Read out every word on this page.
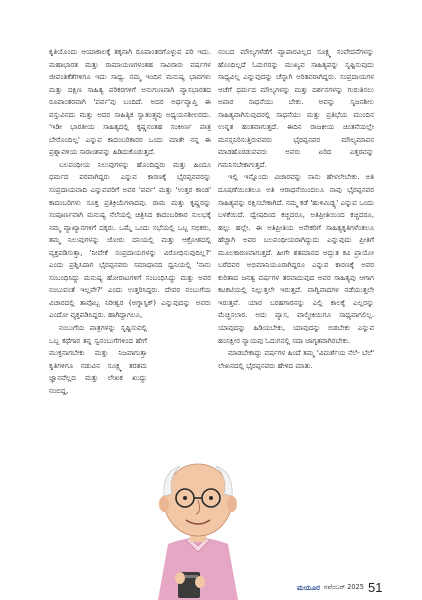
ಕೃತಿಯೊಂದು ಆಯಾಕಾಲಕ್ಕೆ ತಕ್ಕನಾಗಿ ರೂಪಾಂತರಗೊಳ್ಳುವ ಪರಿ ಇದು. ಮಹಾಭಾರತ ಮತ್ತು ರಾಮಾಯಣಗಳಂತಹ ಸಾವಿರಾರು ವರ್ಷಗಳ ಜೀವಂತಿಕೆತೆಗಳಿಗೂ ಇದು ಸಾಧ್ಯ. ನಮ್ಮ ಇಂದಿನ ಮನುಷ್ಯ ಭಾವಗಳು ಮತ್ತು ದಕ್ಷಿಣ ಸಾಹಿತ್ಯ ಪರಿಕರಗಳಿಗೆ ಅನುಗುಣವಾಗಿ ವ್ಯಾಸಭಾರತದ ರೂಪಾಂತರವಾಗಿ 'ಪರ್ವ'ವು ಬಂದಿದೆ. ಅದರ ಅರ್ಥವ್ಯಾಪ್ತಿ ಈ ವಸ್ತುವಿನದು ಮತ್ತು ಅದರ ಸಾಹಿತ್ಯಿಕ ಸ್ವಾತಂತ್ರ್ಯವು ಅಧ್ಯಯನಶೀಲರದು. 'ಇಡೀ ಭಾರತೀಯ ಸಾಹಿತ್ಯದಲ್ಲಿ ಕೃಷ್ಣನಂತಹ ಸಂಕೀರ್ಣ ಪಾತ್ರ ಬೇರೊಂದಿಲ್ಲ' ಎನ್ನುವ ಕಾದಂಬರಿಕಾರರ ಒಂದು ಮಾತೇ ನನ್ನ ಈ ಪ್ರಶ್ನಾವಳಿಯ ಸಾರಾಂಶವನ್ನು ಹಿಡಿದುಕೊಡುತ್ತದೆ.

ಬಲಪಂಥೀಯ ನಿಲುವುಗಳನ್ನು ಹೊಂದಿದ್ದರು ಮತ್ತು ಹಿಂದೂ ಧರ್ಮದ ಪರವಾಗಿದ್ದರು ಎನ್ನುವ ಕಾರಣಕ್ಕೆ ಭೈರಪ್ಪನವರನ್ನು ಸಂಪ್ರದಾಯವಾದಿ ಎನ್ನುವವರಿಗೆ ಅವರ 'ಪರ್ವ' ಮತ್ತು 'ಉತ್ತರ ಕಾಂಡ' ಕಾದಂಬರಿಗಳು ಸೂಕ್ತ ಪ್ರತಿಕ್ರಿಯೆಗಳಾದವು. ರಾಮ ಮತ್ತು ಕೃಷ್ಣರನ್ನು ಸಂಪೂರ್ಣವಾಗಿ ಮನುಷ್ಯ ನೆಲೆಯಲ್ಲಿ ಚಿತ್ರಿಸಿದ ಕಾದಂಬರಿಕಾರ ಸುಲಭಕ್ಕೆ ನಮ್ಮ ವ್ಯಾಖ್ಯಾನಗಳಿಗೆ ದಕ್ಕರು. ಒಮ್ಮೆ ಒಂದು ಸಭೆಯಲ್ಲಿ ಒಬ್ಬ ಸಭಿಕರು, ತಮ್ಮ ನಿಲುವುಗಳನ್ನು ಜೋರು ದನಿಯಲ್ಲಿ ಮತ್ತು ಆಕ್ರೋಶದಲ್ಲಿ ವ್ಯಕ್ತಪಡಿಸುತ್ತಾ, 'ನೀವೇಕೆ ಸಂಪ್ರದಾಯಗಳನ್ನು ವಿರೋಧಿಸುವುದಿಲ್ಲ?' ಎಂದು ಪ್ರಶ್ನಿಸಿದಾಗ ಭೈರಪ್ಪನವರು ಸಮಾಧಾನದ ಧ್ವನಿಯಲ್ಲಿ 'ನಾನು ಸಂಬಂಧಿಸಿದ್ದು ಮನುಷ್ಯ ಹೋರಾಟಗಳಿಗೆ ಸಂಬಂಧಿಸಿದ್ದು ಮತ್ತು ಅವರ ನಂಬುವಂತೆ ಇಲ್ಲವೇ?' ಎಂದು ಉತ್ತರಿಸಿದ್ದರು. ದೇವರ ನಂಬುಗೆಯ ವಿಚಾರದಲ್ಲಿ ತಾವೊಬ್ಬ ನಿರೀಶ್ವರ (ಅಗ್ನಾಸ್ಟಿಕ್) ಎನ್ನುವುದನ್ನು ಅವರು ಎಂದೋ ವ್ಯಕ್ತಪಡಿಸಿದ್ದರು. ಹಾಗಿದ್ದಾಗಲೂ,

ನಂಬುಗೆಯ ಪಾತ್ರಗಳನ್ನು ಸೃಷ್ಟಿಸುವಲ್ಲಿ ಒಬ್ಬ ಕಥೆಗಾರ ತನ್ನ ಸ್ವನಂಬುಗೆಗಳಿಂದ ಹೇಗೆ ಮುಕ್ತನಾಗಬೇಕು ಮತ್ತು ನಿಜವಾಗುತ್ತಾ ಕೃತಿಗಳಿಗೂ ನಡುವಿನ ಸೂಕ್ಷ್ಮ ತರತಮ ಜ್ಞಾನವೆಲ್ಲದ ಮತ್ತು ಲೇಖಕ ಖುದ್ದು ನಂಬಿದ್ದ,

ನಂಬದ ಮೌಲ್ಯಗಳೆಡೆಗೆ ವ್ಯಾಪಾರವಿಲ್ಲದ ಸೂಕ್ಷ್ಮ ಸಂವೇದನೆಗಳನ್ನು ಹೊಂದಿಲ್ಲದೆ ಓದುಗರನ್ನು ಮುಖ್ಯವ ಸಾಹಿತ್ಯವನ್ನು ಸೃಷ್ಟಿಸುವುದು ಸಾಧ್ಯವಿಲ್ಲ ಎನ್ನುವುದನ್ನು ಚೆನ್ನಾಗಿ ಅರಿತವರಾಗಿದ್ದರು. ಸಂಪ್ರದಾಯಗಳ ಆಚೆಗೆ ಧರ್ಮದ ಮೌಲ್ಯಗಳನ್ನು ಮತ್ತು ದರ್ಶನಗಳನ್ನು ಗುರುತಿಸಲು ಅಪಾರ ಸಾಧನೆಯು ಬೇಕು. ಅವನ್ನು ಸೃಜನಶೀಲ ಸಾಹಿತ್ಯವಾಗಿಸುವುದರಲ್ಲಿ ಸಾಧನೆಯು ಮತ್ತು ಪ್ರತಿಭೆಯ ಮುಂದಿನ ಉನ್ನತ ಹಂತವಾಗುತ್ತದೆ. ಈದಿನ ರಾಜಕೀಯ ಚಿಂತನೆಯಲ್ಲೇ ಮನಸ್ಸನಿರಿಸುತ್ತಿರುವವರು ಭೈರಪ್ಪನವರ ಮೌಲ್ಯಮಾಪನ ಮಾಡಹೊರಡುವವರು ಅವರು ಏರಿದ ಎತ್ತರವನ್ನು ಗಮನಿಸಬೇಕಾಗುತ್ತದೆ.

ಇಲ್ಲಿ ಇನ್ನೊಂದು ವಿಚಾರವನ್ನು ನಾನು ಹೇಳಲೇಬೇಕು. ಅತಿ ದೂಷಣೆಯಿಂತಲೂ ಅತಿ ಆರಾಧನೆಯಿಂದಲೂ ನಾವು ಭೈರಪ್ಪನವರ ಸಾಹಿತ್ಯವನ್ನು ರಕ್ಷಿಸಬೇಕಾಗಿದೆ. ನಮ್ಮ ಕಡೆ 'ಹುಳಿಮಿಡ್ದ್ಲ' ಎನ್ನುವ ಒಂದು ಬಳಕೆಯಿದೆ. ದ್ವೇಷದಿಂದ ಕಚ್ಚಿದರೂ, ಅತಿಪ್ರೀತಿಯಿಂದ ಕಚ್ಚಿದರೂ, ಹಲ್ಲು ಹಲ್ಲೇ. ಈ ಅತಿಪ್ರೀತಿಯ ಅನೇಕರಿಗೆ ಸಾಹಿತ್ಯಕೃತಿಗಳೆಂತಲೂ ಹೆಚ್ಚಾಗಿ ಅವರ ಬಲಪಂಥೀಯರಾಗಿದ್ದುದು ಎನ್ನುವುದು ಪ್ರೀತಿಗೆ ಮೂಲಕಾರಣವಾಗುತ್ತದೆ. ಹೀಗೇ ಶತಮಾನದ ಅದ್ಭುತ ಕವಿ ಪ್ರಾಯೋ ಬರೆದವರ ಅಭಿಮಾನಿಯೂರಾಗಿದ್ದರೂ ಎನ್ನುವ ಕಾರಣಕ್ಕೆ ಅವರ ಕುರಿತಾದ ಜನತ್ವ ವರ್ಷಗಳ ತರವಾದುವುದ ಅವರ ಸಾಹಿತ್ಯವು ಆಗಾಗ ಕಟಕಟಿಯಲ್ಲಿ ನಿಲ್ಲುತ್ತಲೇ ಇರುತ್ತದೆ. ವಾಗ್ವಿವಾದಗಳ ನಡೆಯುತ್ತಲೇ ಇರುತ್ತವೆ. ಯಾರ ಬರಹಗಾರನನ್ನು ಎಲ್ಲಿ ಕಾಲಕ್ಕೆ ಎಲ್ಲರನ್ನು ಮೆಚ್ಚಿಸಲಾರ. ಅದು ವ್ಯಾಸ, ವಾಲ್ಮೀಕಿಯಿಗೂ ಸಾಧ್ಯವಾಗಲಿಲ್ಲ. ಯಾವುದನ್ನು ಹಿಡಿಯಬೇಕು, ಯಾವುದನ್ನು ಬಿಡಬೇಕು ಎನ್ನುವ ಹಂಸಕ್ಷೀರ ನ್ಯಾಯವು ಓದುಗನಲ್ಲಿ ಸದಾ ಜಾಗೃತವಾಗಿರಬೇಕು.

ಮಾಡಬೇಕಾದ್ದು ವರ್ಷಗಳ ಹಿಂದೆ ತಮ್ಮ 'ವಿಮರ್ಶೆಯ ನೆಲೆ- ಬೆಲೆ' ಲೇಖನದಲ್ಲಿ ಭೈರಪ್ಪನವರು ಹೇಳಿದ ಮಾತು.

ಮಯೂರ ನವೆಂಬರ್ 2025 51
